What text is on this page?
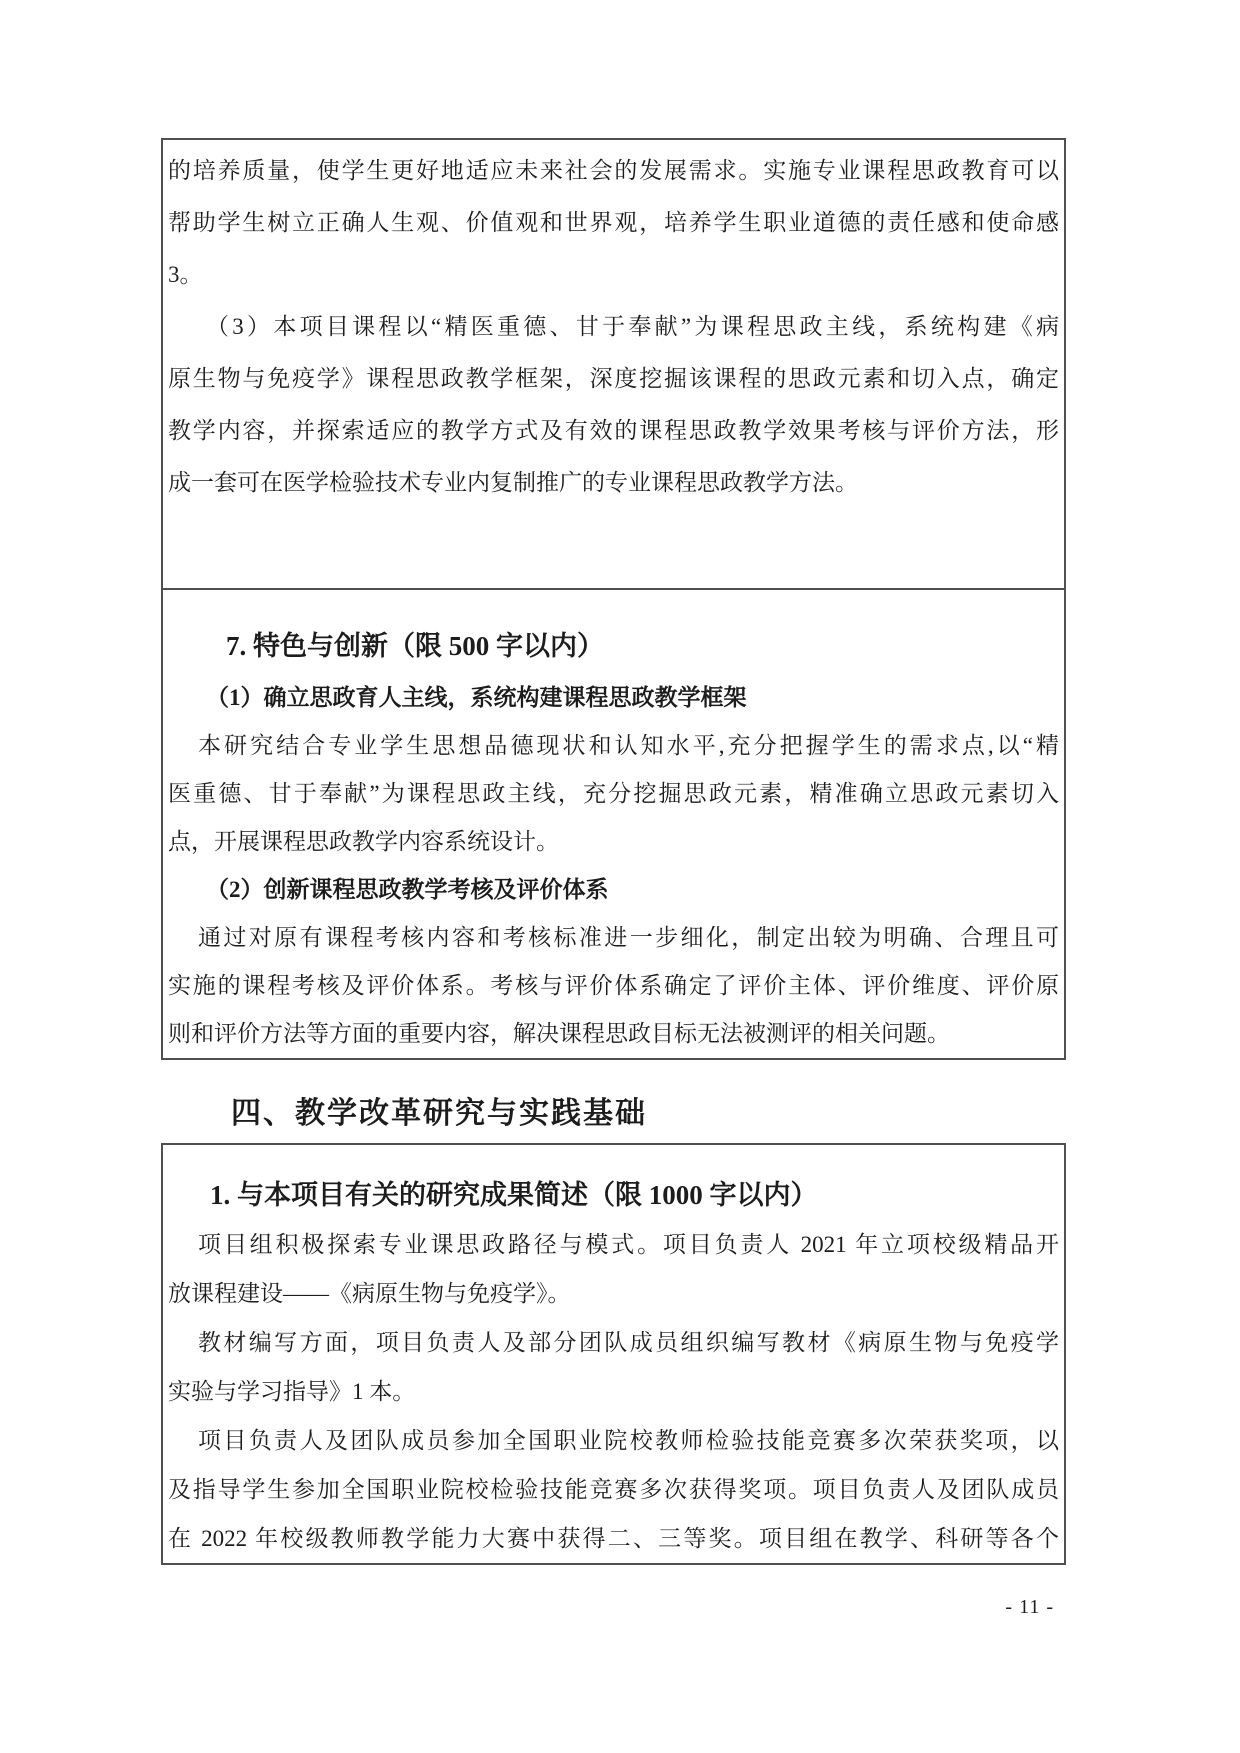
的培养质量，使学生更好地适应未来社会的发展需求。实施专业课程思政教育可以
帮助学生树立正确人生观、价值观和世界观，培养学生职业道德的责任感和使命感
3。
（3）本项目课程以“精医重德、甘于奉献”为课程思政主线，系统构建《病
原生物与免疫学》课程思政教学框架，深度挖掘该课程的思政元素和切入点，确定
教学内容，并探索适应的教学方式及有效的课程思政教学效果考核与评价方法，形
成一套可在医学检验技术专业内复制推广的专业课程思政教学方法。
7. 特色与创新（限 500 字以内）
（1）确立思政育人主线，系统构建课程思政教学框架
本研究结合专业学生思想品德现状和认知水平,充分把握学生的需求点,以“精
医重德、甘于奉献”为课程思政主线，充分挖掘思政元素，精准确立思政元素切入
点，开展课程思政教学内容系统设计。
（2）创新课程思政教学考核及评价体系
通过对原有课程考核内容和考核标准进一步细化，制定出较为明确、合理且可
实施的课程考核及评价体系。考核与评价体系确定了评价主体、评价维度、评价原
则和评价方法等方面的重要内容，解决课程思政目标无法被测评的相关问题。
四、教学改革研究与实践基础
1. 与本项目有关的研究成果简述（限 1000 字以内）
项目组积极探索专业课思政路径与模式。项目负责人 2021 年立项校级精品开
放课程建设——《病原生物与免疫学》。
教材编写方面，项目负责人及部分团队成员组织编写教材《病原生物与免疫学
实验与学习指导》1 本。
项目负责人及团队成员参加全国职业院校教师检验技能竞赛多次荣获奖项，以
及指导学生参加全国职业院校检验技能竞赛多次获得奖项。项目负责人及团队成员
在 2022 年校级教师教学能力大赛中获得二、三等奖。项目组在教学、科研等各个
- 11 -
